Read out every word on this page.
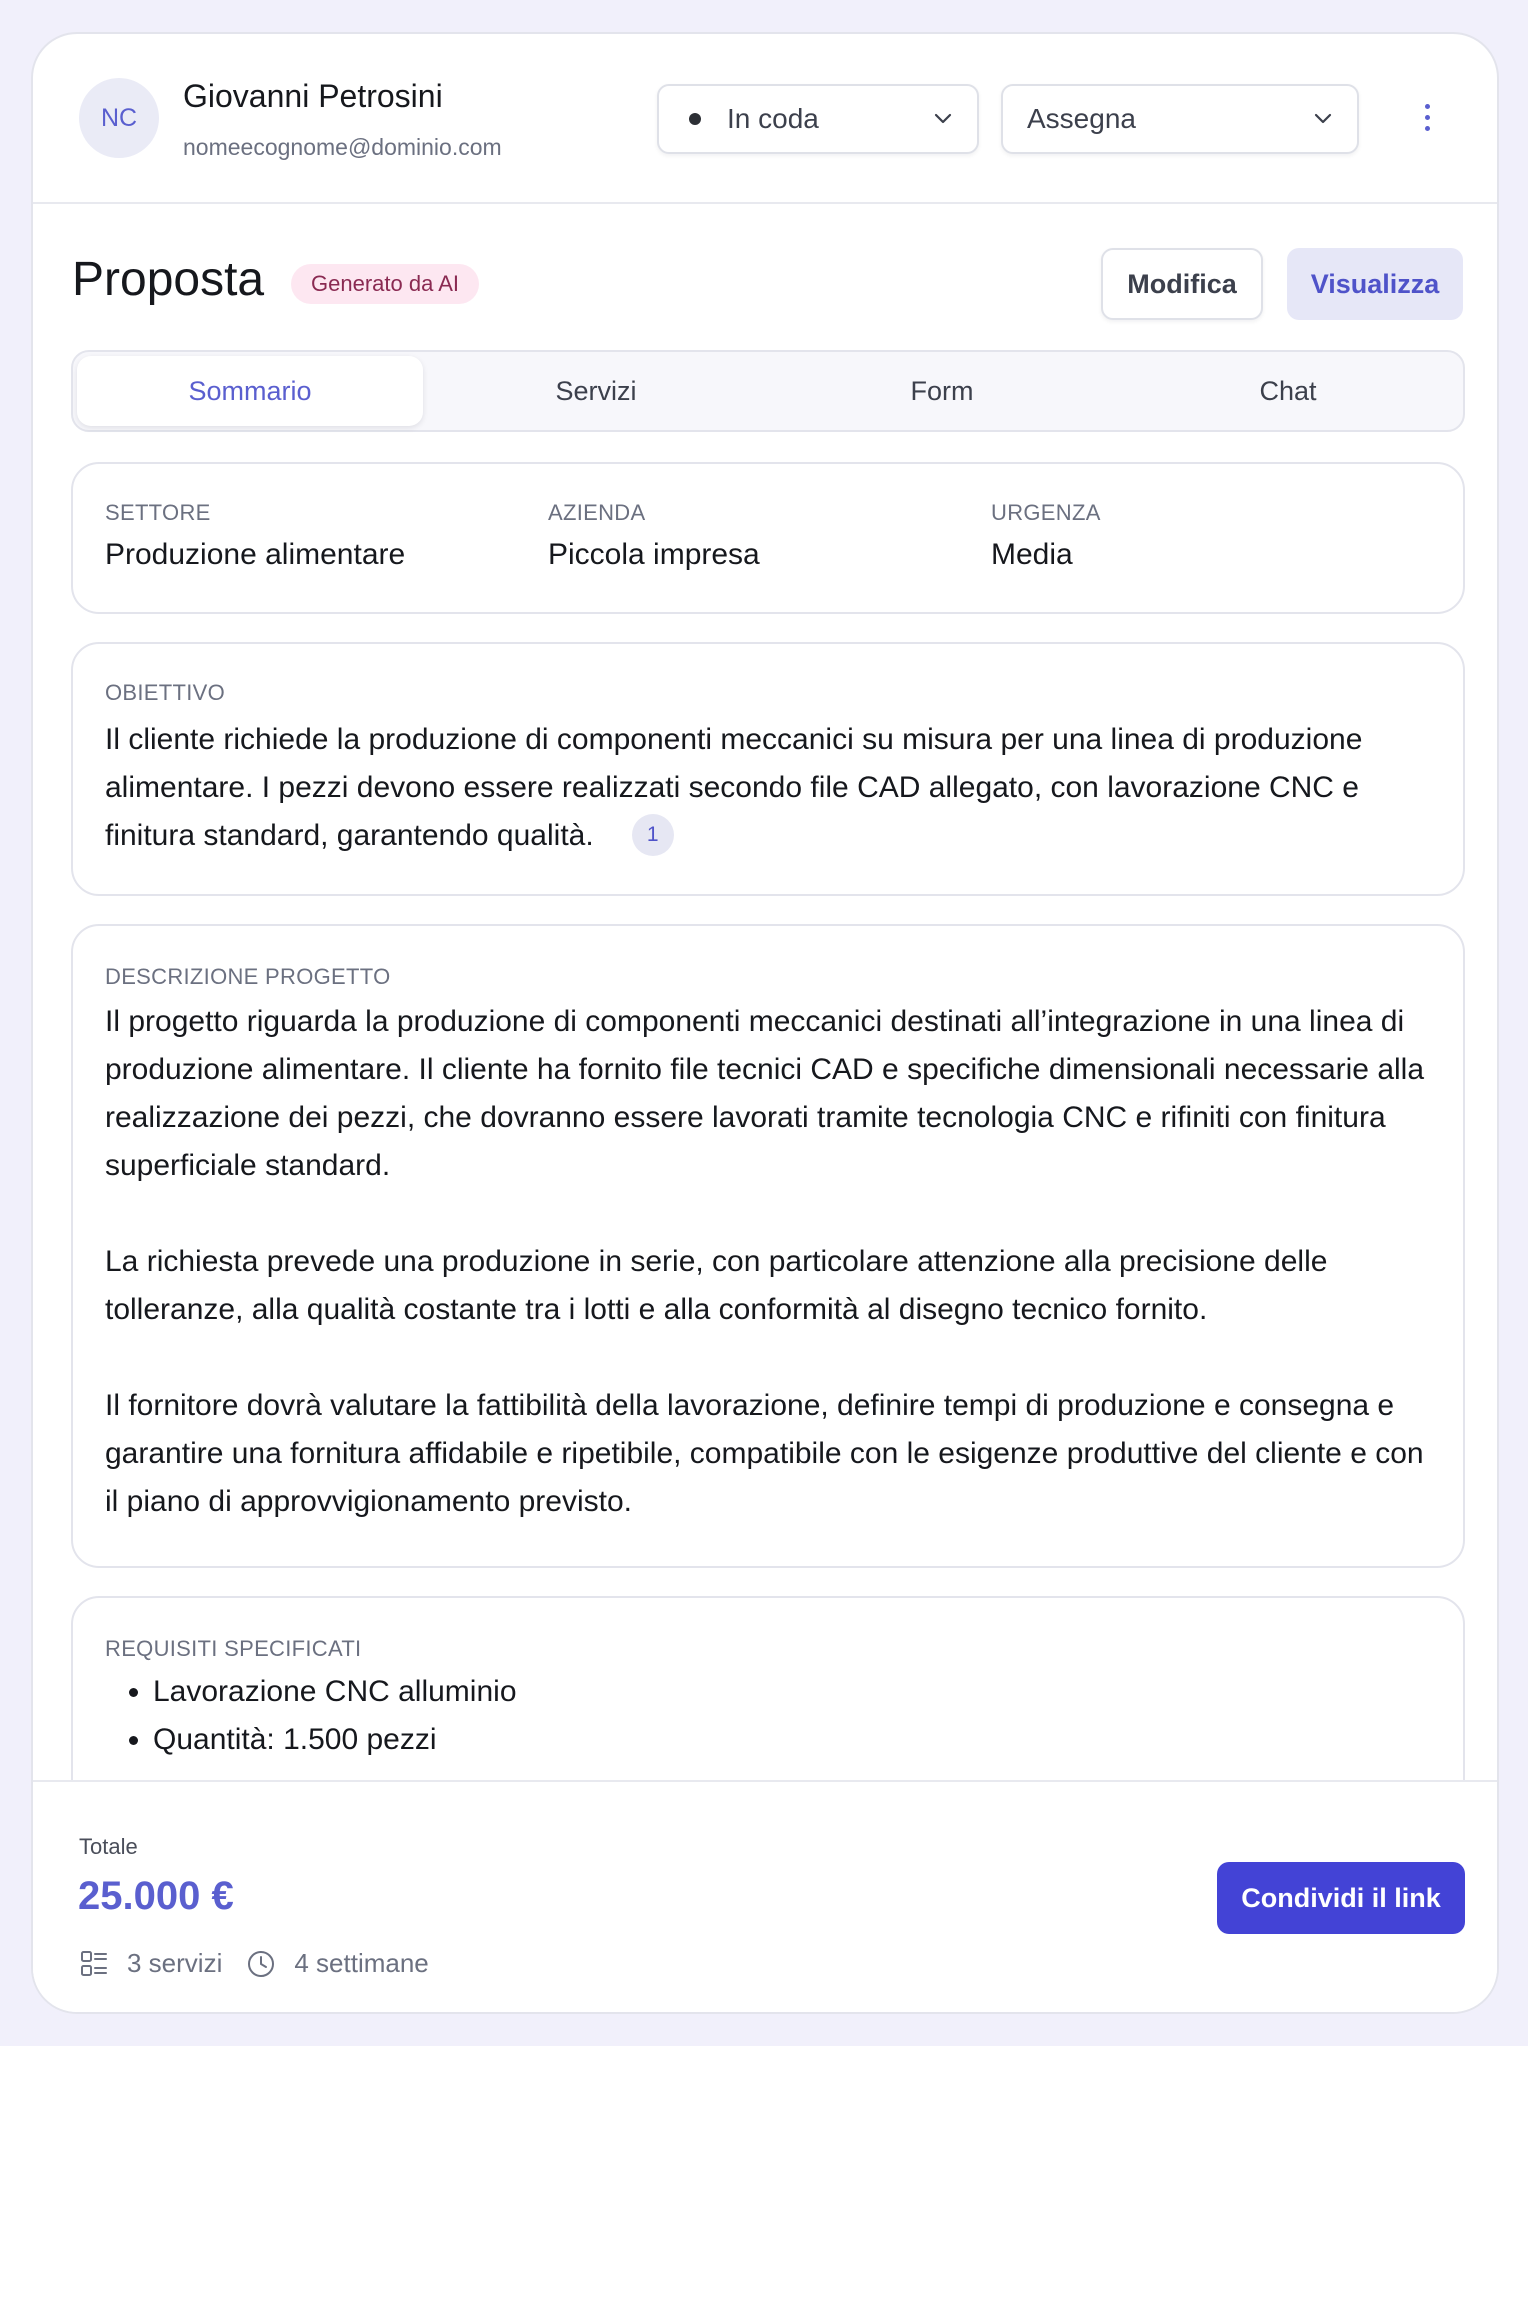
NC
Giovanni Petrosini
nomeecognome@dominio.com
In coda	Assegna
Proposta	Generato da AI	Modifica	Visualizza
Sommario	Servizi	Form	Chat
SETTORE
Produzione alimentare
AZIENDA
Piccola impresa
URGENZA
Media
OBIETTIVO
Il cliente richiede la produzione di componenti meccanici su misura per una linea di produzione alimentare. I pezzi devono essere realizzati secondo file CAD allegato, con lavorazione CNC e finitura standard, garantendo qualità.	1
DESCRIZIONE PROGETTO
Il progetto riguarda la produzione di componenti meccanici destinati all’integrazione in una linea di produzione alimentare. Il cliente ha fornito file tecnici CAD e specifiche dimensionali necessarie alla realizzazione dei pezzi, che dovranno essere lavorati tramite tecnologia CNC e rifiniti con finitura superficiale standard.
La richiesta prevede una produzione in serie, con particolare attenzione alla precisione delle tolleranze, alla qualità costante tra i lotti e alla conformità al disegno tecnico fornito.
Il fornitore dovrà valutare la fattibilità della lavorazione, definire tempi di produzione e consegna e garantire una fornitura affidabile e ripetibile, compatibile con le esigenze produttive del cliente e con il piano di approvvigionamento previsto.
REQUISITI SPECIFICATI
• Lavorazione CNC alluminio
• Quantità: 1.500 pezzi
Totale
25.000 €
3 servizi	4 settimane
Condividi il link
